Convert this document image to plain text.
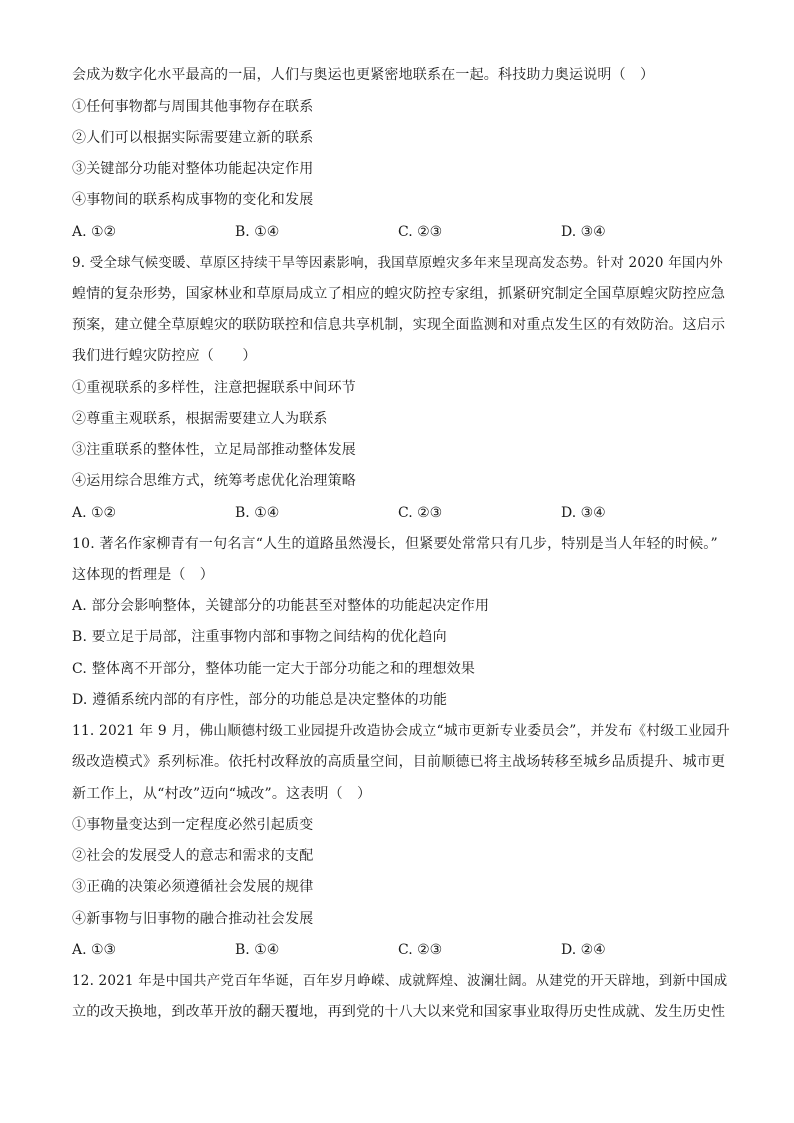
会成为数字化水平最高的一届，人们与奥运也更紧密地联系在一起。科技助力奥运说明（　）
①任何事物都与周围其他事物存在联系
②人们可以根据实际需要建立新的联系
③关键部分功能对整体功能起决定作用
④事物间的联系构成事物的变化和发展
A. ①②	B. ①④	C. ②③	D. ③④
9. 受全球气候变暖、草原区持续干旱等因素影响，我国草原蝗灾多年来呈现高发态势。针对 2020 年国内外
蝗情的复杂形势，国家林业和草原局成立了相应的蝗灾防控专家组，抓紧研究制定全国草原蝗灾防控应急
预案，建立健全草原蝗灾的联防联控和信息共享机制，实现全面监测和对重点发生区的有效防治。这启示
我们进行蝗灾防控应（　　）
①重视联系的多样性，注意把握联系中间环节
②尊重主观联系，根据需要建立人为联系
③注重联系的整体性，立足局部推动整体发展
④运用综合思维方式，统筹考虑优化治理策略
A. ①②	B. ①④	C. ②③	D. ③④
10. 著名作家柳青有一句名言“人生的道路虽然漫长，但紧要处常常只有几步，特别是当人年轻的时候。”
这体现的哲理是（　）
A. 部分会影响整体，关键部分的功能甚至对整体的功能起决定作用
B. 要立足于局部，注重事物内部和事物之间结构的优化趋向
C. 整体离不开部分，整体功能一定大于部分功能之和的理想效果
D. 遵循系统内部的有序性，部分的功能总是决定整体的功能
11. 2021 年 9 月，佛山顺德村级工业园提升改造协会成立“城市更新专业委员会”，并发布《村级工业园升
级改造模式》系列标准。依托村改释放的高质量空间，目前顺德已将主战场转移至城乡品质提升、城市更
新工作上，从“村改”迈向“城改”。这表明（　）
①事物量变达到一定程度必然引起质变
②社会的发展受人的意志和需求的支配
③正确的决策必须遵循社会发展的规律
④新事物与旧事物的融合推动社会发展
A. ①③	B. ①④	C. ②③	D. ②④
12. 2021 年是中国共产党百年华诞，百年岁月峥嵘、成就辉煌、波澜壮阔。从建党的开天辟地，到新中国成
立的改天换地，到改革开放的翻天覆地，再到党的十八大以来党和国家事业取得历史性成就、发生历史性
